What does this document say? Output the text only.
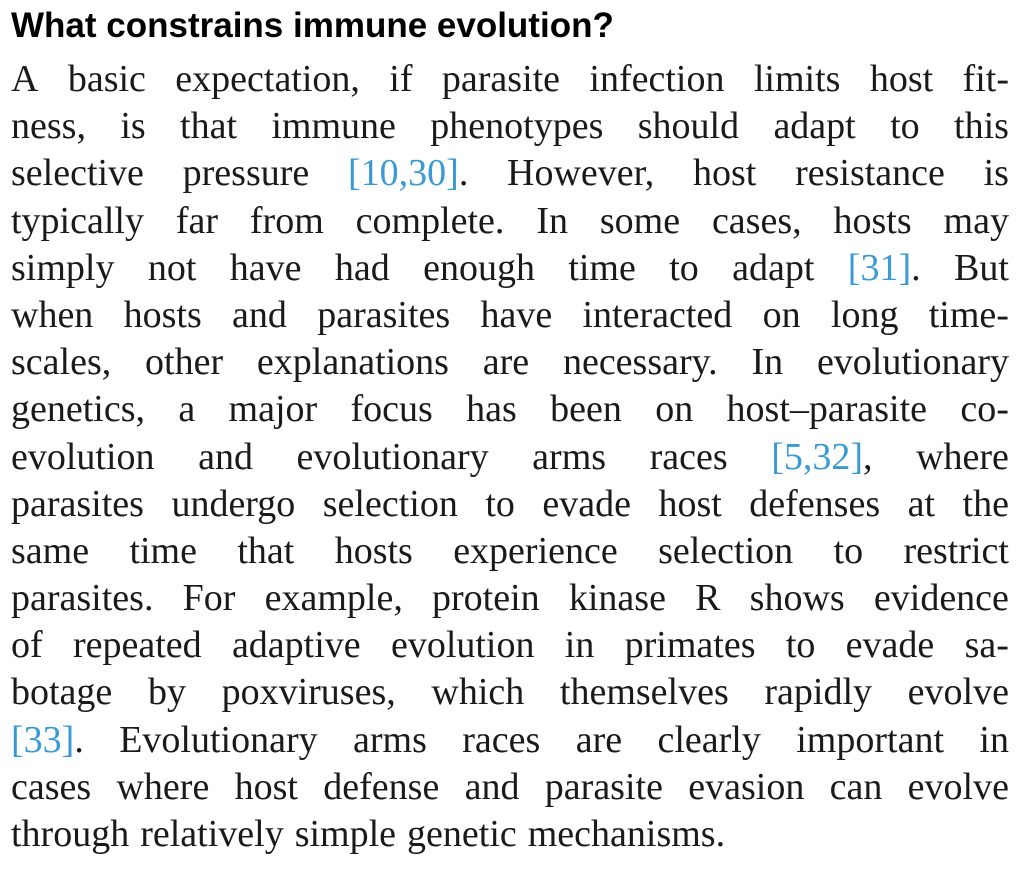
What constrains immune evolution?
A basic expectation, if parasite infection limits host fit-
ness, is that immune phenotypes should adapt to this
selective pressure [10,30]. However, host resistance is
typically far from complete. In some cases, hosts may
simply not have had enough time to adapt [31]. But
when hosts and parasites have interacted on long time-
scales, other explanations are necessary. In evolutionary
genetics, a major focus has been on host–parasite co-
evolution and evolutionary arms races [5,32], where
parasites undergo selection to evade host defenses at the
same time that hosts experience selection to restrict
parasites. For example, protein kinase R shows evidence
of repeated adaptive evolution in primates to evade sa-
botage by poxviruses, which themselves rapidly evolve
[33]. Evolutionary arms races are clearly important in
cases where host defense and parasite evasion can evolve
through relatively simple genetic mechanisms.
